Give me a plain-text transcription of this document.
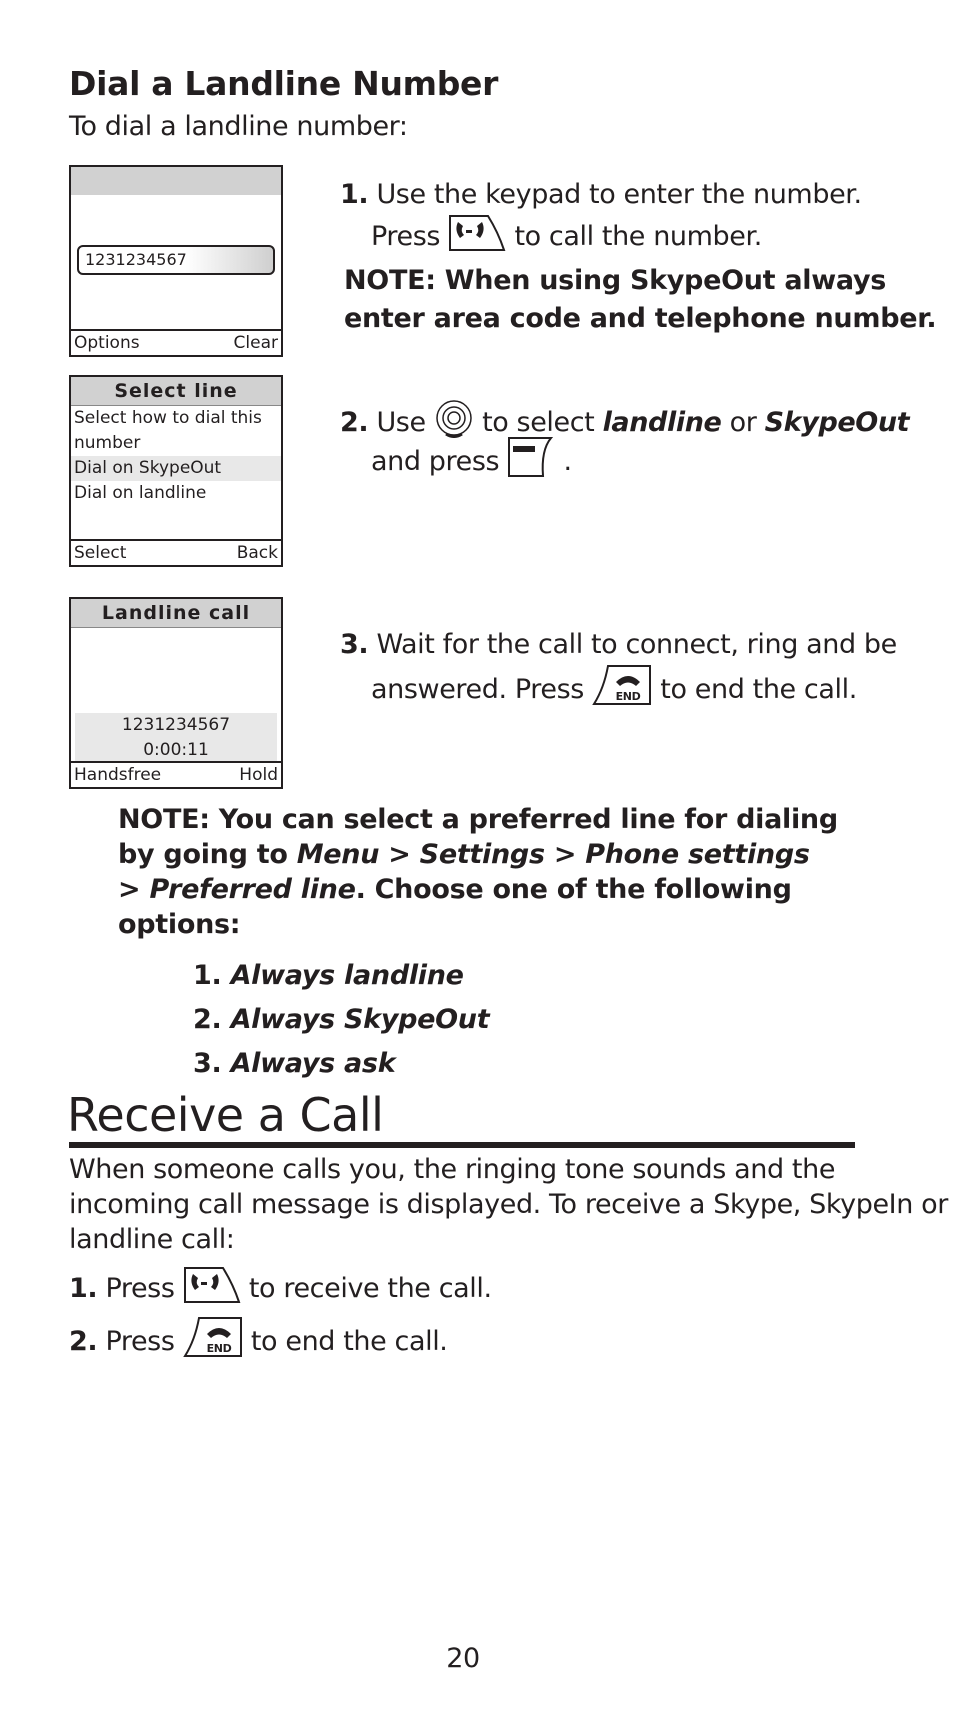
Dial a Landline Number
To dial a landline number:
1231234567
Options	Clear
Select line
Select how to dial this
number
Dial on SkypeOut
Dial on landline
Select	Back
Landline call
1231234567
0:00:11
Handsfree	Hold
1. Use the keypad to enter the number.
Press	to call the number.
NOTE: When using SkypeOut always
enter area code and telephone number.
2. Use to select landline or SkypeOut
and press .
3. Wait for the call to connect, ring and be
answered. Press	END to end the call.
NOTE: You can select a preferred line for dialing
by going to Menu > Settings > Phone settings
> Preferred line. Choose one of the following
options:
1. Always landline
2. Always SkypeOut
3. Always ask
Receive a Call
When someone calls you, the ringing tone sounds and the
incoming call message is displayed. To receive a Skype, SkypeIn or
landline call:
1. Press	to receive the call.
2. Press	END to end the call.
20
